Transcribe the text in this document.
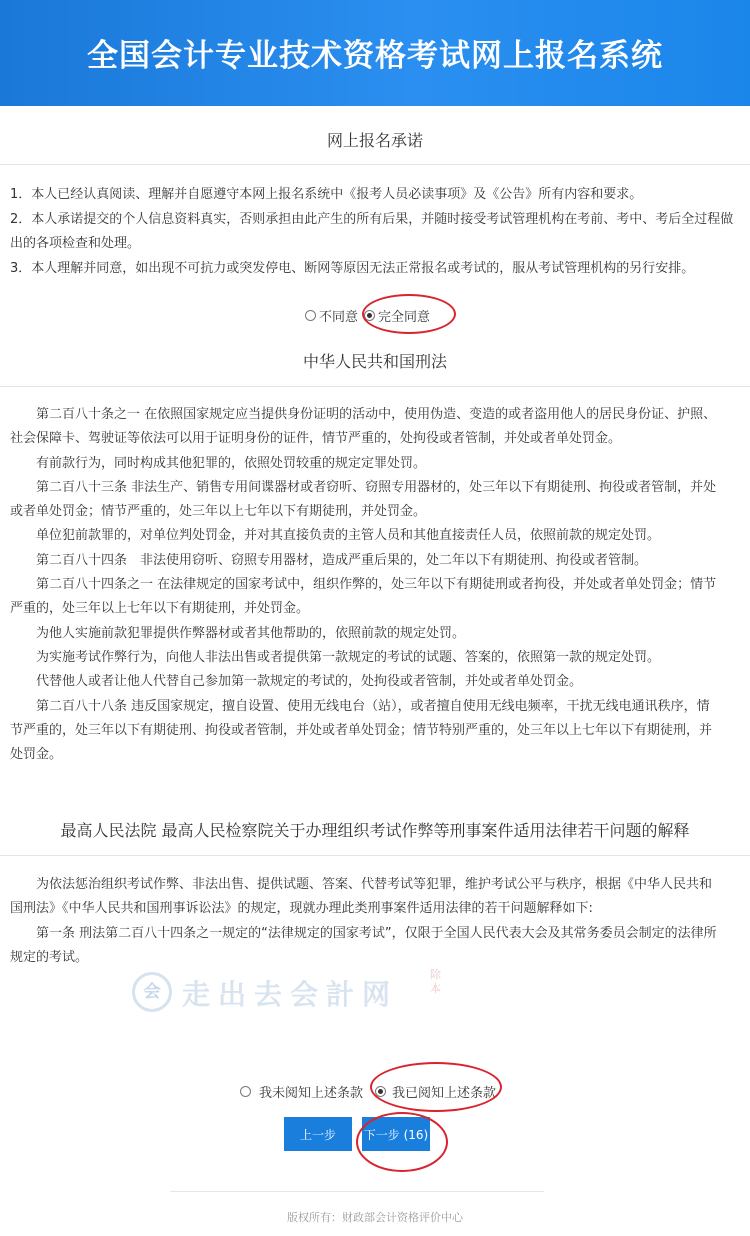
全国会计专业技术资格考试网上报名系统
网上报名承诺

1．本人已经认真阅读、理解并自愿遵守本网上报名系统中《报考人员必读事项》及《公告》所有内容和要求。

2．本人承诺提交的个人信息资料真实，否则承担由此产生的所有后果，并随时接受考试管理机构在考前、考中、考后全过程做出的各项检查和处理。

3．本人理解并同意，如出现不可抗力或突发停电、断网等原因无法正常报名或考试的，服从考试管理机构的另行安排。

不同意 完全同意
中华人民共和国刑法

第二百八十条之一 在依照国家规定应当提供身份证明的活动中，使用伪造、变造的或者盗用他人的居民身份证、护照、社会保障卡、驾驶证等依法可以用于证明身份的证件，情节严重的，处拘役或者管制，并处或者单处罚金。

有前款行为，同时构成其他犯罪的，依照处罚较重的规定定罪处罚。

第二百八十三条 非法生产、销售专用间谍器材或者窃听、窃照专用器材的，处三年以下有期徒刑、拘役或者管制，并处或者单处罚金；情节严重的，处三年以上七年以下有期徒刑，并处罚金。

单位犯前款罪的，对单位判处罚金，并对其直接负责的主管人员和其他直接责任人员，依照前款的规定处罚。

第二百八十四条　非法使用窃听、窃照专用器材，造成严重后果的，处二年以下有期徒刑、拘役或者管制。

第二百八十四条之一 在法律规定的国家考试中，组织作弊的，处三年以下有期徒刑或者拘役，并处或者单处罚金；情节严重的，处三年以上七年以下有期徒刑，并处罚金。

为他人实施前款犯罪提供作弊器材或者其他帮助的，依照前款的规定处罚。

为实施考试作弊行为，向他人非法出售或者提供第一款规定的考试的试题、答案的，依照第一款的规定处罚。

代替他人或者让他人代替自己参加第一款规定的考试的，处拘役或者管制，并处或者单处罚金。

第二百八十八条 违反国家规定，擅自设置、使用无线电台（站），或者擅自使用无线电频率，干扰无线电通讯秩序，情节严重的，处三年以下有期徒刑、拘役或者管制，并处或者单处罚金；情节特别严重的，处三年以上七年以下有期徒刑，并处罚金。

最高人民法院 最高人民检察院关于办理组织考试作弊等刑事案件适用法律若干问题的解释

为依法惩治组织考试作弊、非法出售、提供试题、答案、代替考试等犯罪，维护考试公平与秩序，根据《中华人民共和国刑法》《中华人民共和国刑事诉讼法》的规定，现就办理此类刑事案件适用法律的若干问题解释如下:

第一条 刑法第二百八十四条之一规定的“法律规定的国家考试”，仅限于全国人民代表大会及其常务委员会制定的法律所规定的考试。

会 走出去会計网
除本
我未阅知上述条款 我已阅知上述条款
上一步	下一步 (16)
版权所有：财政部会计资格评价中心
